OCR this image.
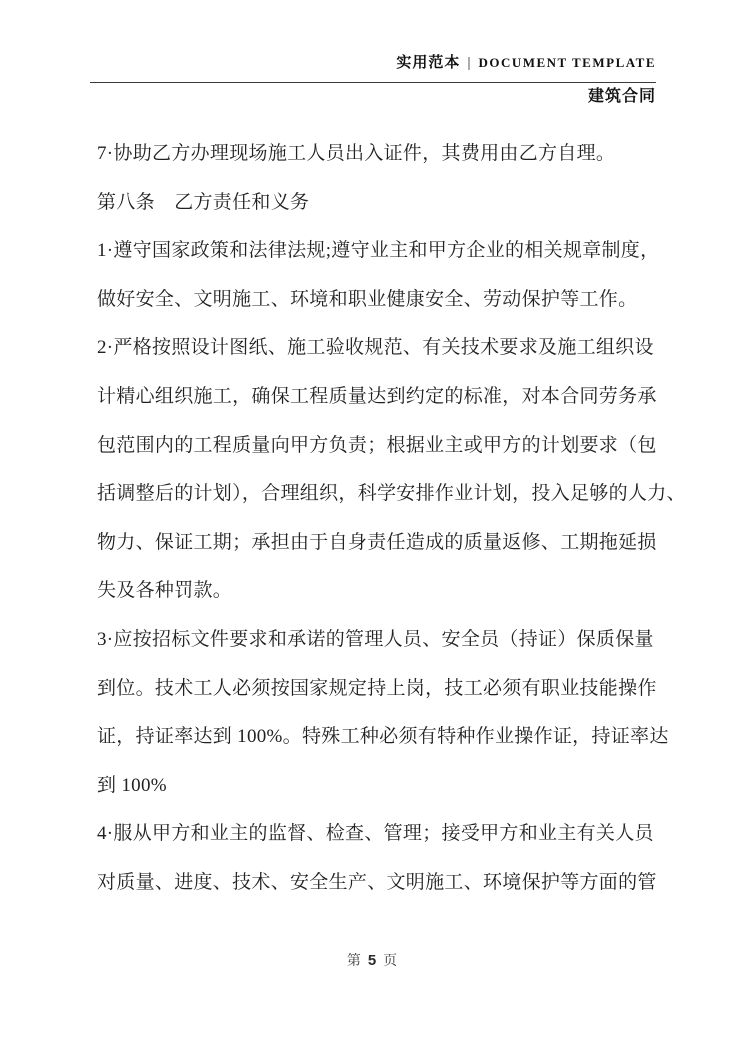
实用范本 | DOCUMENT TEMPLATE
建筑合同
7·协助乙方办理现场施工人员出入证件，其费用由乙方自理。
第八条　乙方责任和义务
1·遵守国家政策和法律法规;遵守业主和甲方企业的相关规章制度，
做好安全、文明施工、环境和职业健康安全、劳动保护等工作。
2·严格按照设计图纸、施工验收规范、有关技术要求及施工组织设
计精心组织施工，确保工程质量达到约定的标准，对本合同劳务承
包范围内的工程质量向甲方负责；根据业主或甲方的计划要求（包
括调整后的计划），合理组织，科学安排作业计划，投入足够的人力、
物力、保证工期；承担由于自身责任造成的质量返修、工期拖延损
失及各种罚款。
3·应按招标文件要求和承诺的管理人员、安全员（持证）保质保量
到位。技术工人必须按国家规定持上岗，技工必须有职业技能操作
证，持证率达到 100%。特殊工种必须有特种作业操作证，持证率达
到 100%
4·服从甲方和业主的监督、检查、管理；接受甲方和业主有关人员
对质量、进度、技术、安全生产、文明施工、环境保护等方面的管
第 5 页
